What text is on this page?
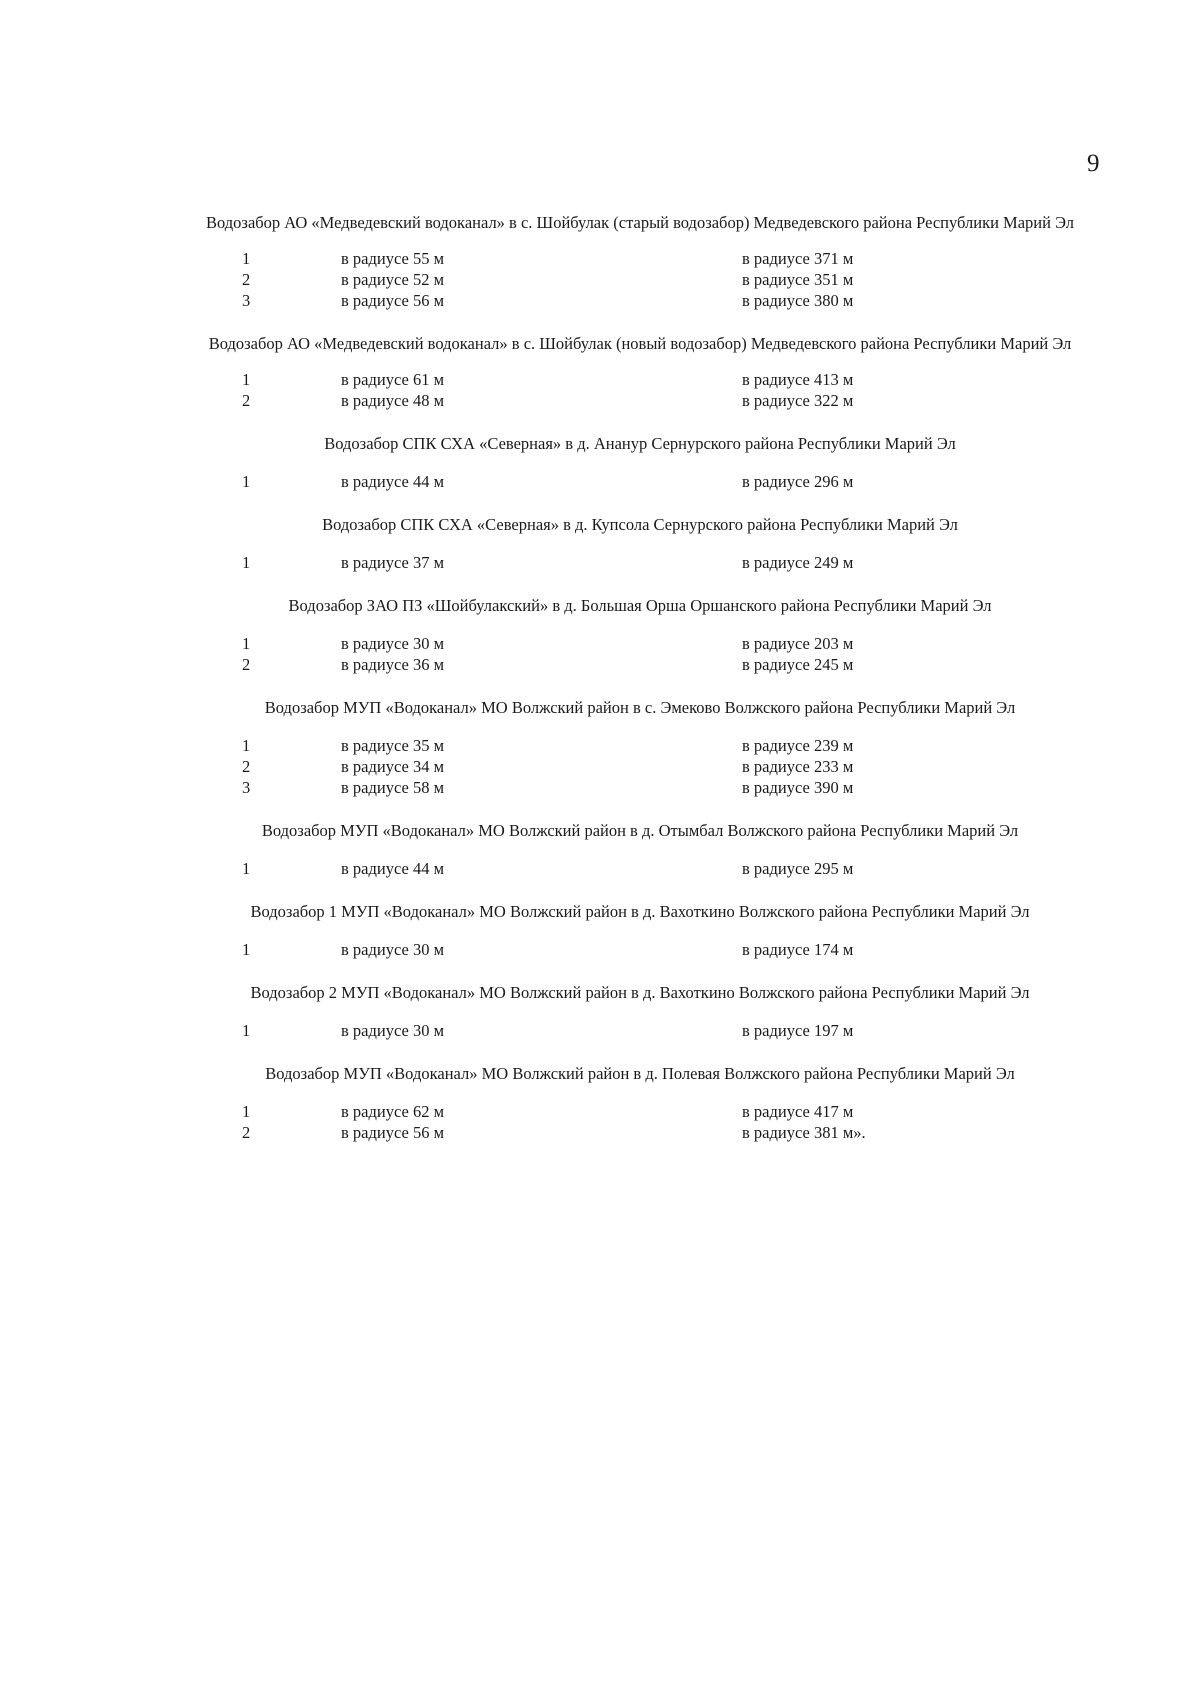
9
Водозабор АО «Медведевский водоканал» в с. Шойбулак (старый водозабор) Медведевского района Республики Марий Эл
1	в радиусе 55 м	в радиусе 371 м
2	в радиусе 52 м	в радиусе 351 м
3	в радиусе 56 м	в радиусе 380 м
Водозабор АО «Медведевский водоканал» в с. Шойбулак (новый водозабор) Медведевского района Республики Марий Эл
1	в радиусе 61 м	в радиусе 413 м
2	в радиусе 48 м	в радиусе 322 м
Водозабор СПК СХА «Северная» в д. Ананур Сернурского района Республики Марий Эл
1	в радиусе 44 м	в радиусе 296 м
Водозабор СПК СХА «Северная» в д. Купсола Сернурского района Республики Марий Эл
1	в радиусе 37 м	в радиусе 249 м
Водозабор ЗАО ПЗ «Шойбулакский» в д. Большая Орша Оршанского района Республики Марий Эл
1	в радиусе 30 м	в радиусе 203 м
2	в радиусе 36 м	в радиусе 245 м
Водозабор МУП «Водоканал» МО Волжский район в с. Эмеково Волжского района Республики Марий Эл
1	в радиусе 35 м	в радиусе 239 м
2	в радиусе 34 м	в радиусе 233 м
3	в радиусе 58 м	в радиусе 390 м
Водозабор МУП «Водоканал» МО Волжский район в д. Отымбал Волжского района Республики Марий Эл
1	в радиусе 44 м	в радиусе 295 м
Водозабор 1 МУП «Водоканал» МО Волжский район в д. Вахоткино Волжского района Республики Марий Эл
1	в радиусе 30 м	в радиусе 174 м
Водозабор 2 МУП «Водоканал» МО Волжский район в д. Вахоткино Волжского района Республики Марий Эл
1	в радиусе 30 м	в радиусе 197 м
Водозабор МУП «Водоканал» МО Волжский район в д. Полевая Волжского района Республики Марий Эл
1	в радиусе 62 м	в радиусе 417 м
2	в радиусе 56 м	в радиусе 381 м».
